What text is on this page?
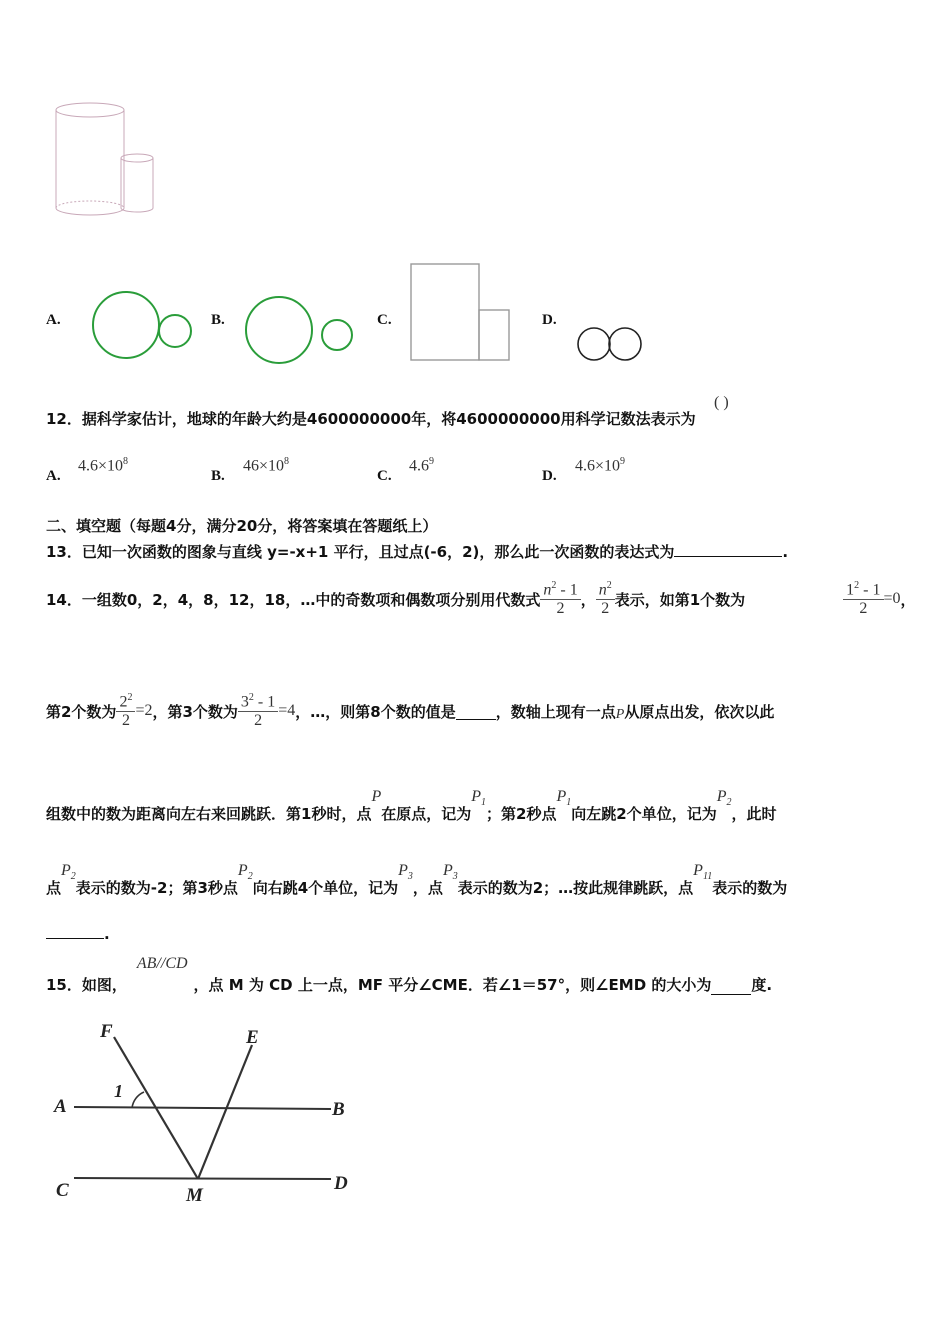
A.	B.	C.	D.
12．据科学家估计，地球的年龄大约是4600000000年，将4600000000用科学记数法表示为
( )
A.
$4.6\times 10^8$
B.
$46\times 10^8$
C.
$4.6^9$
D.
$4.6\times 10^9$
二、填空题（每题4分，满分20分，将答案填在答题纸上）
13．已知一次函数的图象与直线 y=-x+1 平行，且过点(-6，2)，那么此一次函数的表达式为	.
14．一组数0，2，4，8，12，18，…中的奇数项和偶数项分别用代数式 $\frac{n^2 - 1}{2}$ ， $\frac{n^2}{2}$ 表示，如第1个数为	$\frac{1^2 - 1}{2} =0$ ，
第2个数为 $\frac{2^2}{2} =2$ ，第3个数为 $\frac{3^2 - 1}{2} =4$ ，…，则第8个数的值是	，数轴上现有一点 P 从原点出发，依次以此
组数中的数为距离向左右来回跳跃．第1秒时，点
P
在原点，记为
$P_1$
；第2秒点
$P_1$
向左跳2个单位，记为
$P_2$
，此时
点
$P_2$
表示的数为-2；第3秒点
$P_2$
向右跳4个单位，记为
$P_3$
，点
$P_3$
表示的数为2；…按此规律跳跃，点
$P_{11}$
表示的数为
.
15．如图，
AB//CD
，点 M 为 CD 上一点，MF 平分∠CME．若∠1＝57°，则∠EMD 的大小为	度.
F	E
A	B
C	D
M
1
